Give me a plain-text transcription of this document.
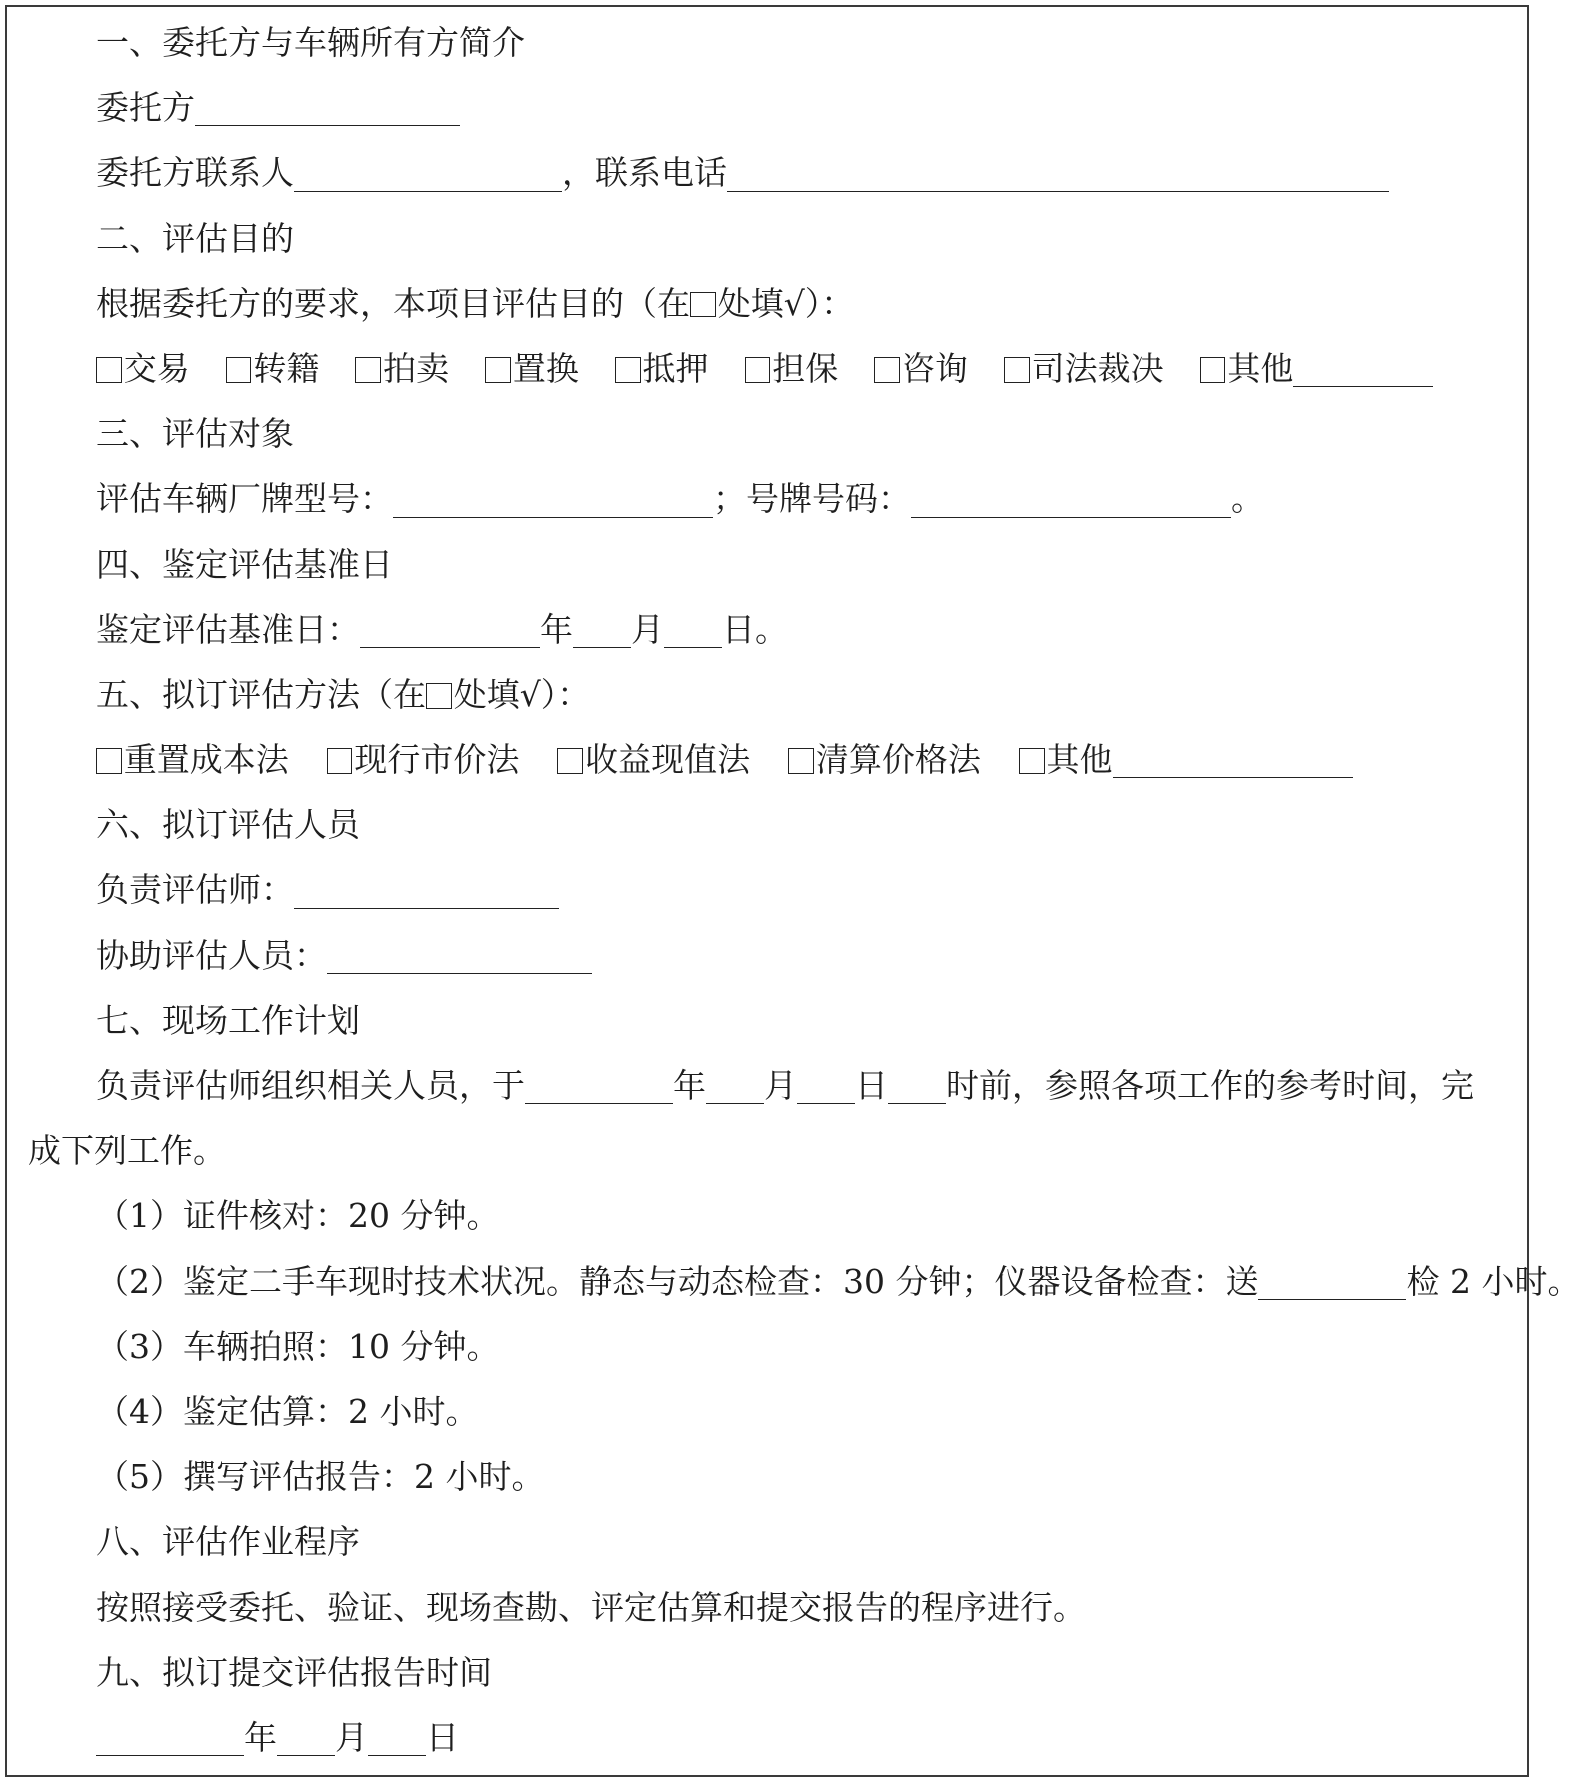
一、委托方与车辆所有方简介
委托方
委托方联系人	，联系电话
二、评估目的
根据委托方的要求，本项目评估目的（在 处填√）：
交易 转籍 拍卖 置换 抵押 担保 咨询 司法裁决 其他
三、评估对象
评估车辆厂牌型号：	；号牌号码：	。
四、鉴定评估基准日
鉴定评估基准日：	年 月 日。
五、拟订评估方法（在 处填√）：
重置成本法 现行市价法 收益现值法 清算价格法 其他
六、拟订评估人员
负责评估师：
协助评估人员：
七、现场工作计划
负责评估师组织相关人员，于	年 月 日 时前，参照各项工作的参考时间，完
成下列工作。
（1）证件核对：20 分钟。
（2）鉴定二手车现时技术状况。静态与动态检查：30 分钟；仪器设备检查：送	检 2 小时。
（3）车辆拍照：10 分钟。
（4）鉴定估算：2 小时。
（5）撰写评估报告：2 小时。
八、评估作业程序
按照接受委托、验证、现场查勘、评定估算和提交报告的程序进行。
九、拟订提交评估报告时间
年 月 日
